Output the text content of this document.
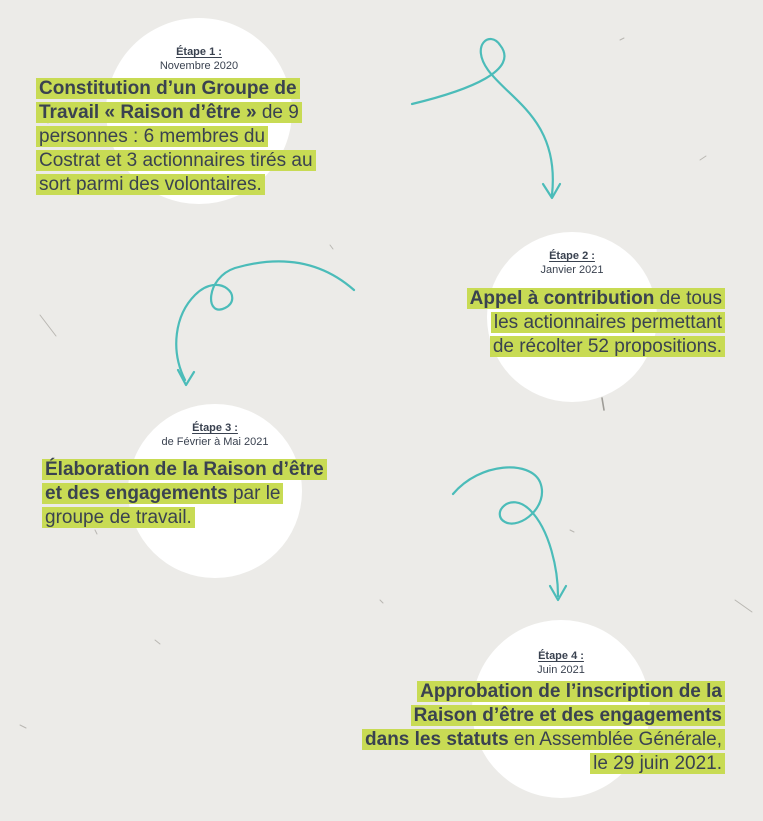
Étape 1 :
Novembre 2020
Constitution d’un Groupe de
Travail « Raison d’être » de 9
personnes : 6 membres du
Costrat et 3 actionnaires tirés au
sort parmi des volontaires.
Étape 2 :
Janvier 2021
Appel à contribution de tous
les actionnaires permettant
de récolter 52 propositions.
Étape 3 :
de Février à Mai 2021
Élaboration de la Raison d’être
et des engagements par le
groupe de travail.
Étape 4 :
Juin 2021
Approbation de l’inscription de la
Raison d’être et des engagements
dans les statuts en Assemblée Générale,
le 29 juin 2021.
